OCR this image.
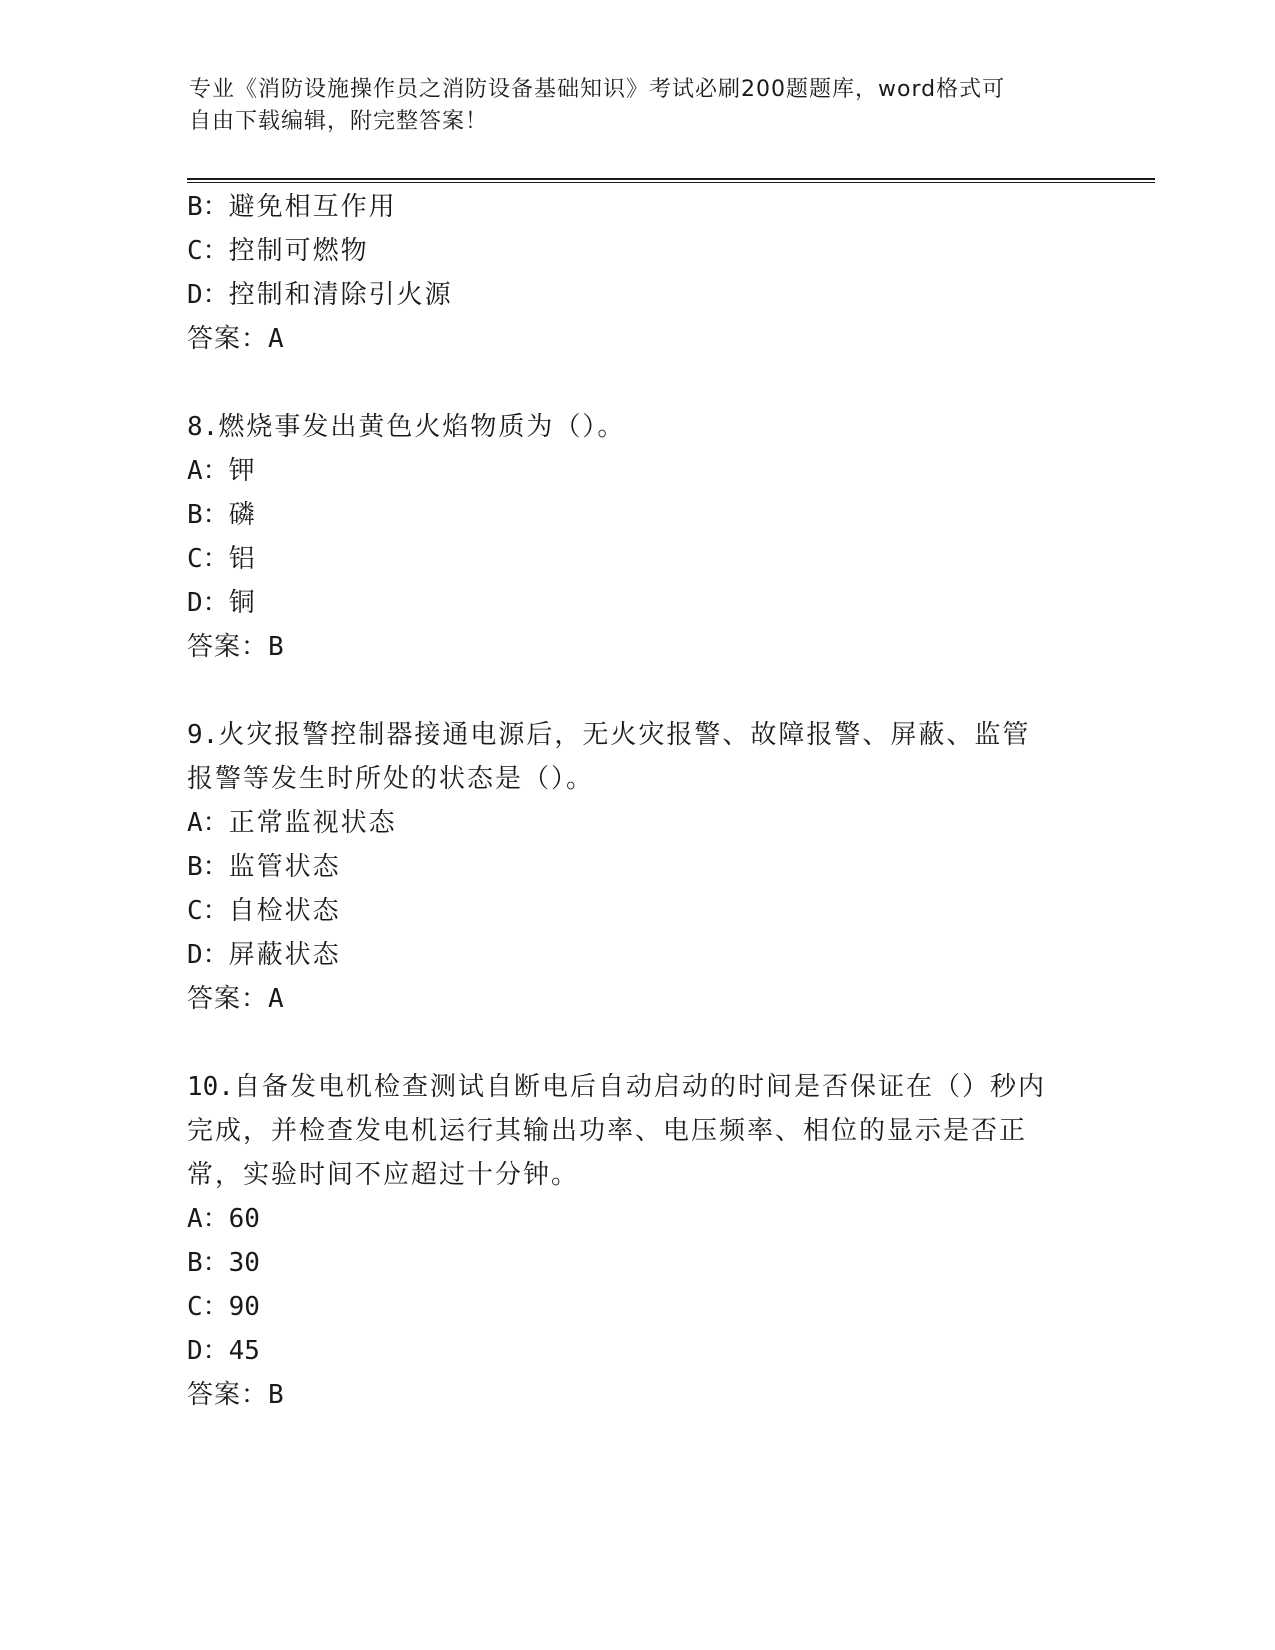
专业《消防设施操作员之消防设备基础知识》考试必刷200题题库，word格式可
自由下载编辑，附完整答案！
B：避免相互作用
C：控制可燃物
D：控制和清除引火源
答案：A
8.燃烧事发出黄色火焰物质为（）。
A：钾
B：磷
C：铝
D：铜
答案：B
9.火灾报警控制器接通电源后，无火灾报警、故障报警、屏蔽、监管
报警等发生时所处的状态是（）。
A：正常监视状态
B：监管状态
C：自检状态
D：屏蔽状态
答案：A
10.自备发电机检查测试自断电后自动启动的时间是否保证在（）秒内
完成，并检查发电机运行其输出功率、电压频率、相位的显示是否正
常，实验时间不应超过十分钟。
A：60
B：30
C：90
D：45
答案：B
